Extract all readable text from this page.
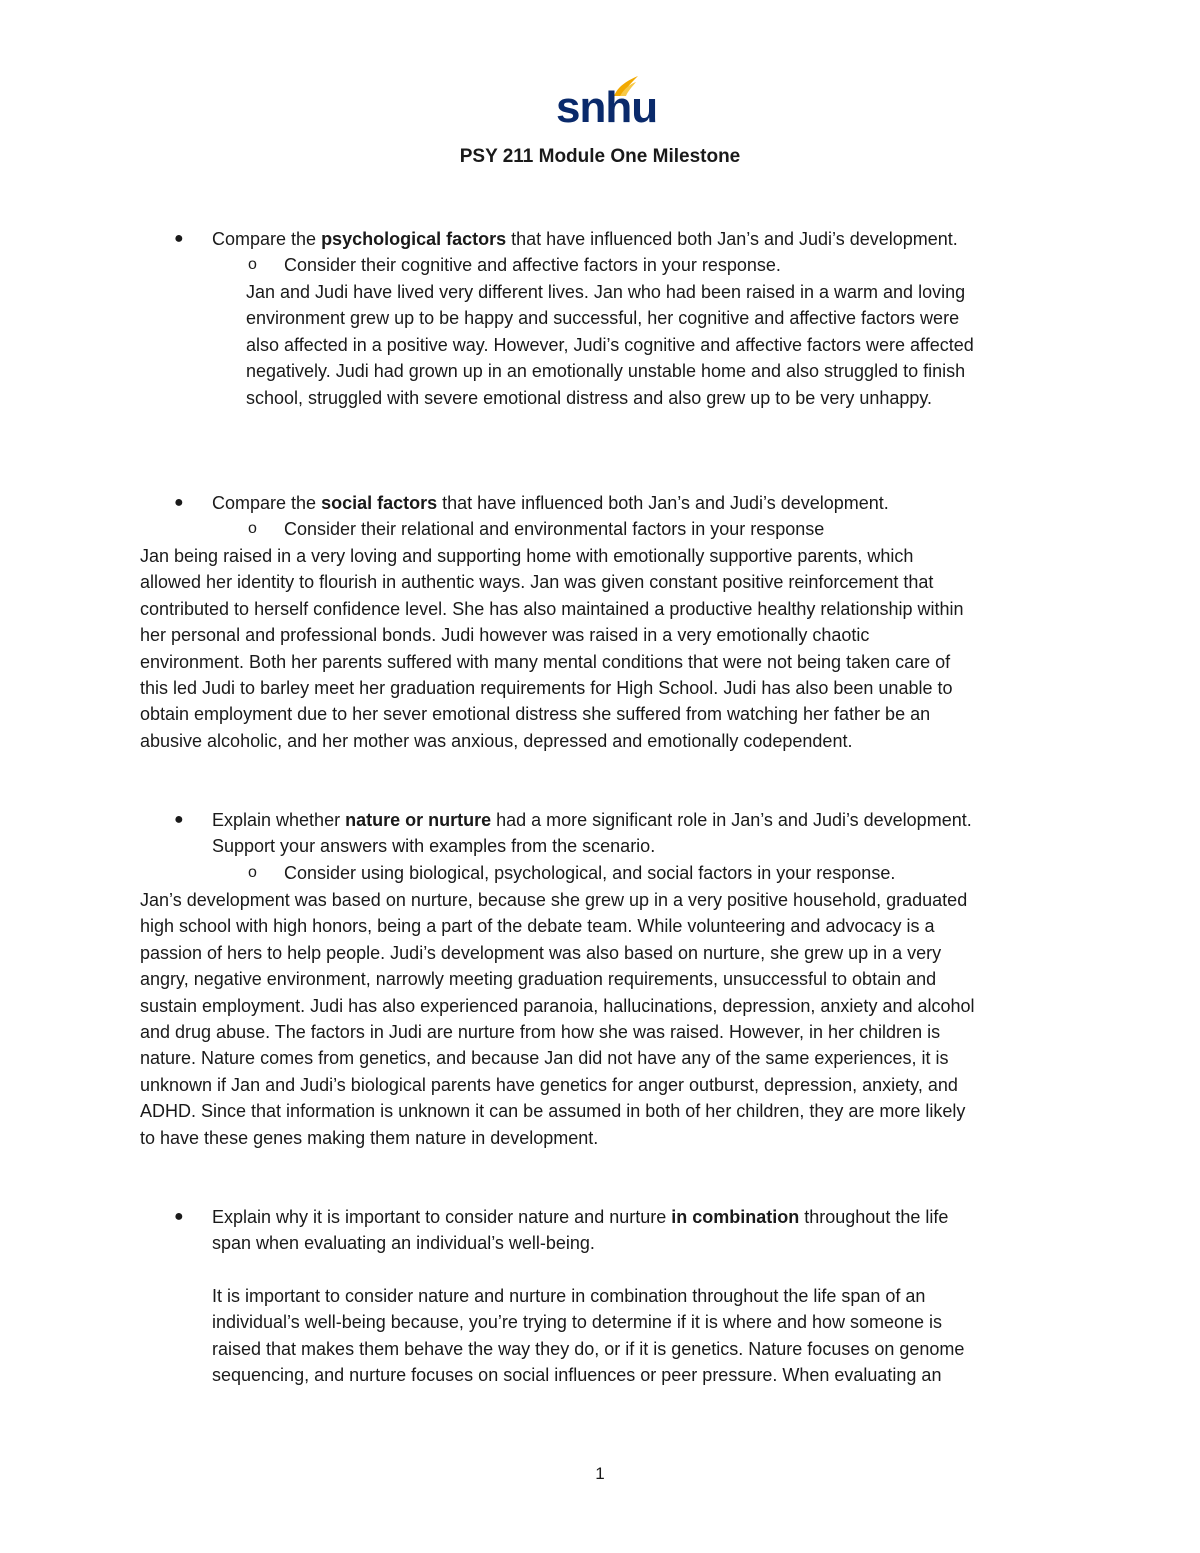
snhu
PSY 211 Module One Milestone
● Compare the psychological factors that have influenced both Jan’s and Judi’s development.
o Consider their cognitive and affective factors in your response.
Jan and Judi have lived very different lives. Jan who had been raised in a warm and loving
environment grew up to be happy and successful, her cognitive and affective factors were
also affected in a positive way. However, Judi’s cognitive and affective factors were affected
negatively. Judi had grown up in an emotionally unstable home and also struggled to finish
school, struggled with severe emotional distress and also grew up to be very unhappy.
● Compare the social factors that have influenced both Jan’s and Judi’s development.
o Consider their relational and environmental factors in your response
Jan being raised in a very loving and supporting home with emotionally supportive parents, which
allowed her identity to flourish in authentic ways. Jan was given constant positive reinforcement that
contributed to herself confidence level. She has also maintained a productive healthy relationship within
her personal and professional bonds. Judi however was raised in a very emotionally chaotic
environment. Both her parents suffered with many mental conditions that were not being taken care of
this led Judi to barley meet her graduation requirements for High School. Judi has also been unable to
obtain employment due to her sever emotional distress she suffered from watching her father be an
abusive alcoholic, and her mother was anxious, depressed and emotionally codependent.
● Explain whether nature or nurture had a more significant role in Jan’s and Judi’s development.
Support your answers with examples from the scenario.
o Consider using biological, psychological, and social factors in your response.
Jan’s development was based on nurture, because she grew up in a very positive household, graduated
high school with high honors, being a part of the debate team. While volunteering and advocacy is a
passion of hers to help people. Judi’s development was also based on nurture, she grew up in a very
angry, negative environment, narrowly meeting graduation requirements, unsuccessful to obtain and
sustain employment. Judi has also experienced paranoia, hallucinations, depression, anxiety and alcohol
and drug abuse. The factors in Judi are nurture from how she was raised. However, in her children is
nature. Nature comes from genetics, and because Jan did not have any of the same experiences, it is
unknown if Jan and Judi’s biological parents have genetics for anger outburst, depression, anxiety, and
ADHD. Since that information is unknown it can be assumed in both of her children, they are more likely
to have these genes making them nature in development.
● Explain why it is important to consider nature and nurture in combination throughout the life
span when evaluating an individual’s well-being.
It is important to consider nature and nurture in combination throughout the life span of an
individual’s well-being because, you’re trying to determine if it is where and how someone is
raised that makes them behave the way they do, or if it is genetics. Nature focuses on genome
sequencing, and nurture focuses on social influences or peer pressure. When evaluating an
1
